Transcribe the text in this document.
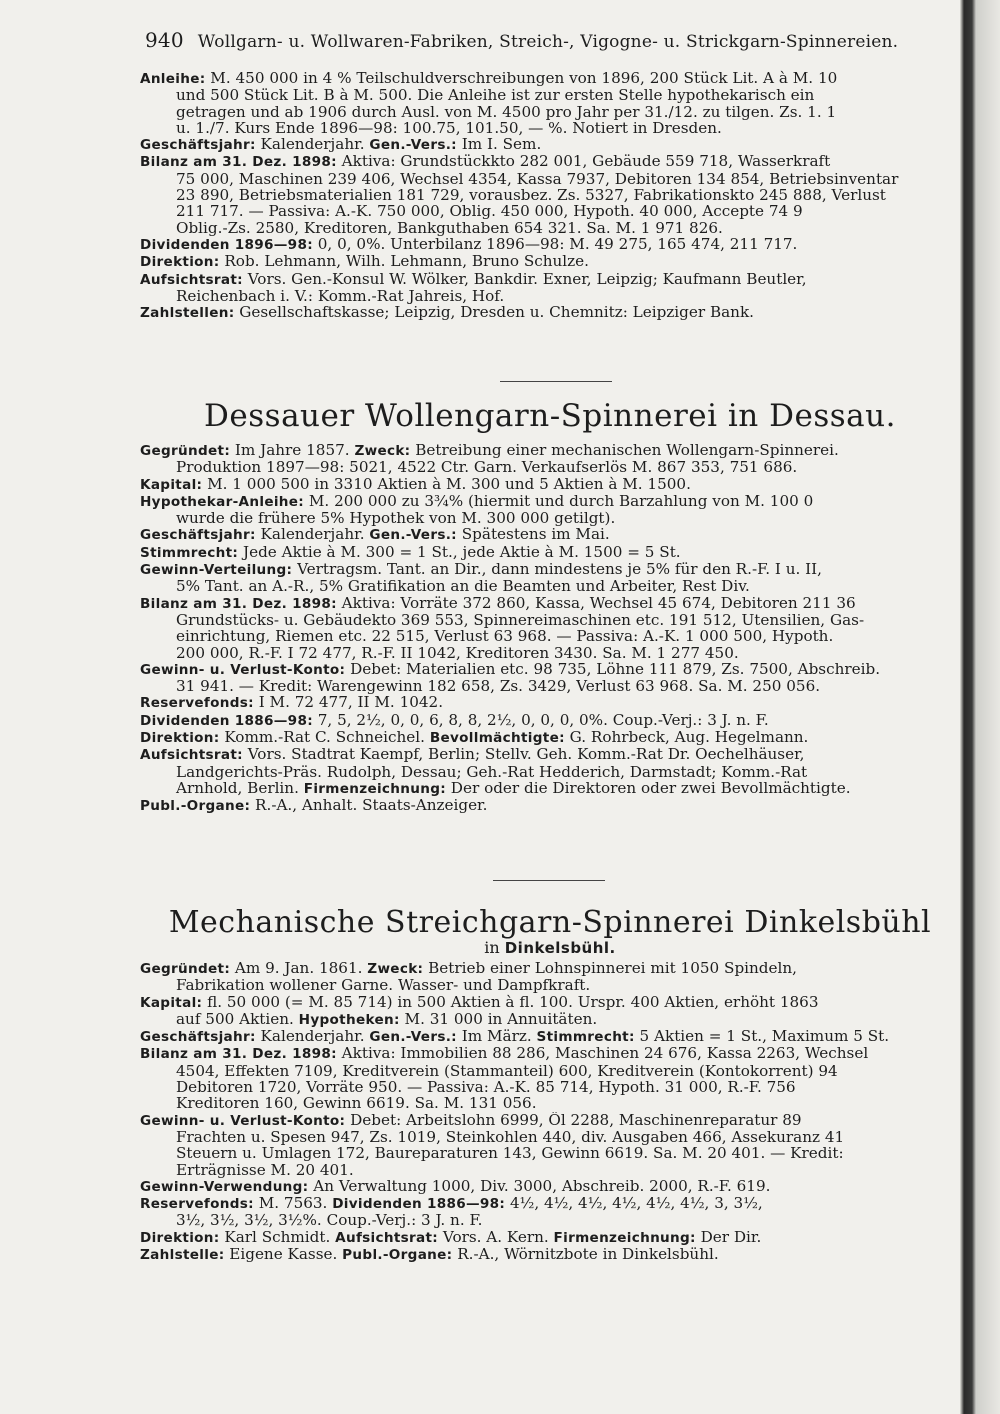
940 Wollgarn- u. Wollwaren-Fabriken, Streich-, Vigogne- u. Strickgarn-Spinnereien.

Anleihe: M. 450 000 in 4 % Teilschuldverschreibungen von 1896, 200 Stück Lit. A à M. 10

und 500 Stück Lit. B à M. 500. Die Anleihe ist zur ersten Stelle hypothekarisch ein

getragen und ab 1906 durch Ausl. von M. 4500 pro Jahr per 31./12. zu tilgen. Zs. 1. 1

u. 1./7. Kurs Ende 1896—98: 100.75, 101.50, — %. Notiert in Dresden.

Geschäftsjahr: Kalenderjahr. Gen.-Vers.: Im I. Sem.

Bilanz am 31. Dez. 1898: Aktiva: Grundstückkto 282 001, Gebäude 559 718, Wasserkraft

75 000, Maschinen 239 406, Wechsel 4354, Kassa 7937, Debitoren 134 854, Betriebsinventar

23 890, Betriebsmaterialien 181 729, vorausbez. Zs. 5327, Fabrikationskto 245 888, Verlust

211 717. — Passiva: A.-K. 750 000, Oblig. 450 000, Hypoth. 40 000, Accepte 74 9

Oblig.-Zs. 2580, Kreditoren, Bankguthaben 654 321. Sa. M. 1 971 826.

Dividenden 1896—98: 0, 0, 0%. Unterbilanz 1896—98: M. 49 275, 165 474, 211 717.

Direktion: Rob. Lehmann, Wilh. Lehmann, Bruno Schulze.

Aufsichtsrat: Vors. Gen.-Konsul W. Wölker, Bankdir. Exner, Leipzig; Kaufmann Beutler,

Reichenbach i. V.: Komm.-Rat Jahreis, Hof.

Zahlstellen: Gesellschaftskasse; Leipzig, Dresden u. Chemnitz: Leipziger Bank.

Dessauer Wollengarn-Spinnerei in Dessau.

Gegründet: Im Jahre 1857. Zweck: Betreibung einer mechanischen Wollengarn-Spinnerei.

Produktion 1897—98: 5021, 4522 Ctr. Garn. Verkaufserlös M. 867 353, 751 686.

Kapital: M. 1 000 500 in 3310 Aktien à M. 300 und 5 Aktien à M. 1500.

Hypothekar-Anleihe: M. 200 000 zu 3¾% (hiermit und durch Barzahlung von M. 100 0

wurde die frühere 5% Hypothek von M. 300 000 getilgt).

Geschäftsjahr: Kalenderjahr. Gen.-Vers.: Spätestens im Mai.

Stimmrecht: Jede Aktie à M. 300 = 1 St., jede Aktie à M. 1500 = 5 St.

Gewinn-Verteilung: Vertragsm. Tant. an Dir., dann mindestens je 5% für den R.-F. I u. II,

5% Tant. an A.-R., 5% Gratifikation an die Beamten und Arbeiter, Rest Div.

Bilanz am 31. Dez. 1898: Aktiva: Vorräte 372 860, Kassa, Wechsel 45 674, Debitoren 211 36

Grundstücks- u. Gebäudekto 369 553, Spinnereimaschinen etc. 191 512, Utensilien, Gas-

einrichtung, Riemen etc. 22 515, Verlust 63 968. — Passiva: A.-K. 1 000 500, Hypoth.

200 000, R.-F. I 72 477, R.-F. II 1042, Kreditoren 3430. Sa. M. 1 277 450.

Gewinn- u. Verlust-Konto: Debet: Materialien etc. 98 735, Löhne 111 879, Zs. 7500, Abschreib.

31 941. — Kredit: Warengewinn 182 658, Zs. 3429, Verlust 63 968. Sa. M. 250 056.

Reservefonds: I M. 72 477, II M. 1042.

Dividenden 1886—98: 7, 5, 2½, 0, 0, 6, 8, 8, 2½, 0, 0, 0, 0%. Coup.-Verj.: 3 J. n. F.

Direktion: Komm.-Rat C. Schneichel. Bevollmächtigte: G. Rohrbeck, Aug. Hegelmann.

Aufsichtsrat: Vors. Stadtrat Kaempf, Berlin; Stellv. Geh. Komm.-Rat Dr. Oechelhäuser,

Landgerichts-Präs. Rudolph, Dessau; Geh.-Rat Hedderich, Darmstadt; Komm.-Rat

Arnhold, Berlin. Firmenzeichnung: Der oder die Direktoren oder zwei Bevollmächtigte.

Publ.-Organe: R.-A., Anhalt. Staats-Anzeiger.

Mechanische Streichgarn-Spinnerei Dinkelsbühl
in Dinkelsbühl.

Gegründet: Am 9. Jan. 1861. Zweck: Betrieb einer Lohnspinnerei mit 1050 Spindeln,

Fabrikation wollener Garne. Wasser- und Dampfkraft.

Kapital: fl. 50 000 (= M. 85 714) in 500 Aktien à fl. 100. Urspr. 400 Aktien, erhöht 1863

auf 500 Aktien. Hypotheken: M. 31 000 in Annuitäten.

Geschäftsjahr: Kalenderjahr. Gen.-Vers.: Im März. Stimmrecht: 5 Aktien = 1 St., Maximum 5 St.

Bilanz am 31. Dez. 1898: Aktiva: Immobilien 88 286, Maschinen 24 676, Kassa 2263, Wechsel

4504, Effekten 7109, Kreditverein (Stammanteil) 600, Kreditverein (Kontokorrent) 94

Debitoren 1720, Vorräte 950. — Passiva: A.-K. 85 714, Hypoth. 31 000, R.-F. 756

Kreditoren 160, Gewinn 6619. Sa. M. 131 056.

Gewinn- u. Verlust-Konto: Debet: Arbeitslohn 6999, Öl 2288, Maschinenreparatur 89

Frachten u. Spesen 947, Zs. 1019, Steinkohlen 440, div. Ausgaben 466, Assekuranz 41

Steuern u. Umlagen 172, Baureparaturen 143, Gewinn 6619. Sa. M. 20 401. — Kredit:

Erträgnisse M. 20 401.

Gewinn-Verwendung: An Verwaltung 1000, Div. 3000, Abschreib. 2000, R.-F. 619.

Reservefonds: M. 7563. Dividenden 1886—98: 4½, 4½, 4½, 4½, 4½, 4½, 3, 3½,

3½, 3½, 3½, 3½%. Coup.-Verj.: 3 J. n. F.

Direktion: Karl Schmidt. Aufsichtsrat: Vors. A. Kern. Firmenzeichnung: Der Dir.

Zahlstelle: Eigene Kasse. Publ.-Organe: R.-A., Wörnitzbote in Dinkelsbühl.
